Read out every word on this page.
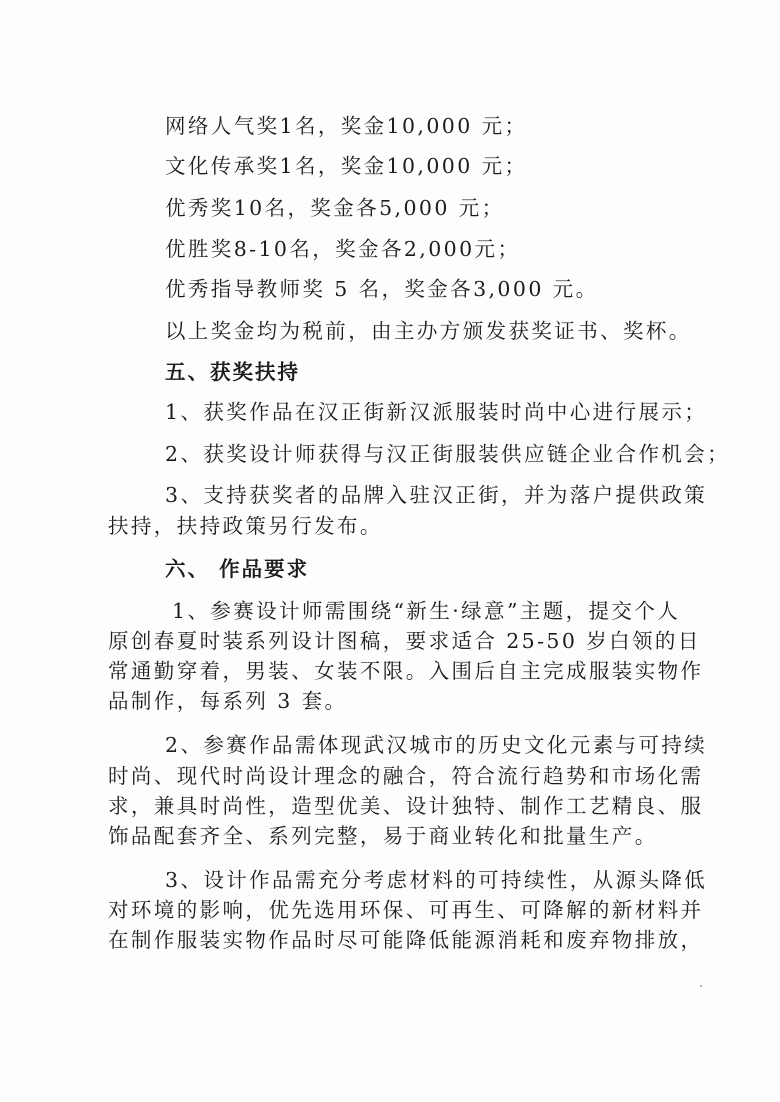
网络人气奖1名，奖金10,000 元；
文化传承奖1名，奖金10,000 元；
优秀奖10名，奖金各5,000 元；
优胜奖8-10名，奖金各2,000元；
优秀指导教师奖 5 名，奖金各3,000 元。
以上奖金均为税前，由主办方颁发获奖证书、奖杯。
五、获奖扶持
1、获奖作品在汉正街新汉派服装时尚中心进行展示；
2、获奖设计师获得与汉正街服装供应链企业合作机会；
3、支持获奖者的品牌入驻汉正街，并为落户提供政策
扶持，扶持政策另行发布。
六、 作品要求
1、参赛设计师需围绕“新生·绿意”主题，提交个人
原创春夏时装系列设计图稿，要求适合 25-50 岁白领的日
常通勤穿着，男装、女装不限。入围后自主完成服装实物作
品制作，每系列 3 套。
2、参赛作品需体现武汉城市的历史文化元素与可持续
时尚、现代时尚设计理念的融合，符合流行趋势和市场化需
求，兼具时尚性，造型优美、设计独特、制作工艺精良、服
饰品配套齐全、系列完整，易于商业转化和批量生产。
3、设计作品需充分考虑材料的可持续性，从源头降低
对环境的影响，优先选用环保、可再生、可降解的新材料并
在制作服装实物作品时尽可能降低能源消耗和废弃物排放，
